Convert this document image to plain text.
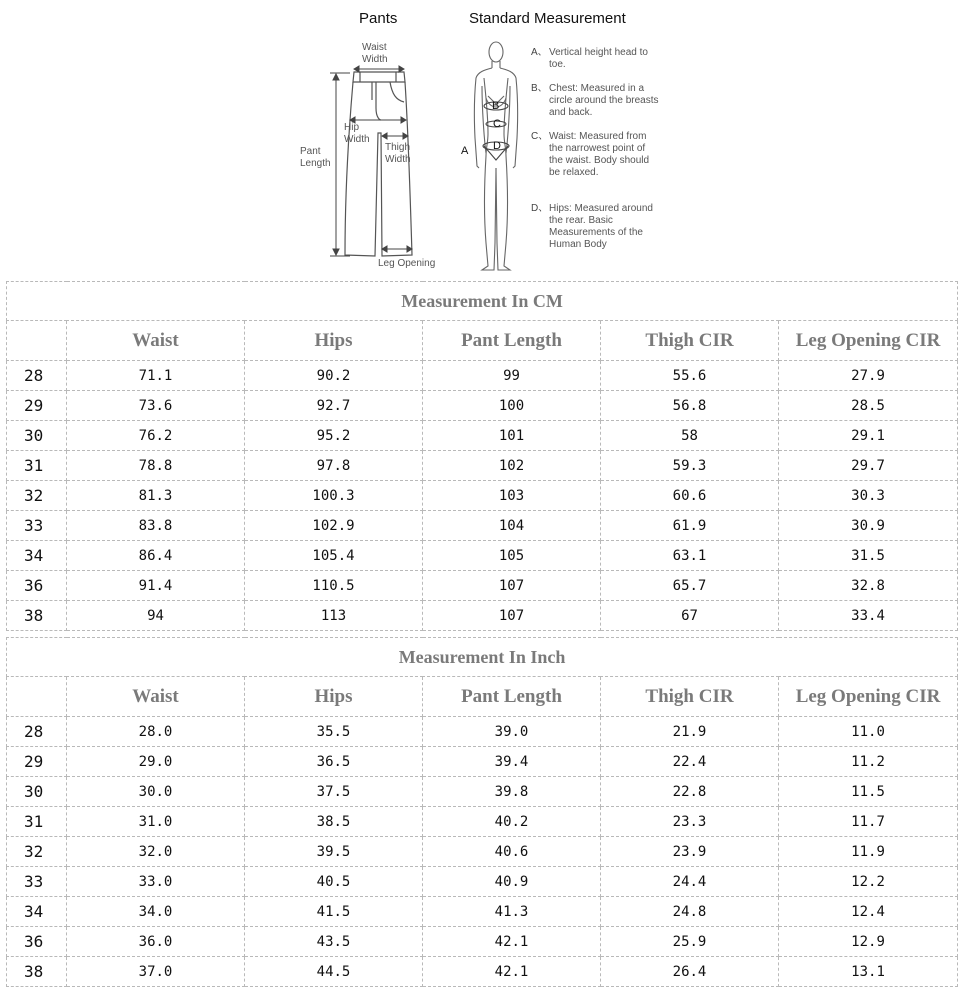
Pants	Standard Measurement
Waist
Width
Hip
Width
Thigh
Width
Pant
Length
Leg Opening
B
C
D
A
A、 Vertical height head to toe.
B、 Chest: Measured in a circle around the breasts and back.
C、 Waist: Measured from the narrowest point of the waist. Body should be relaxed.
D、 Hips: Measured around the rear. Basic Measurements of the Human Body
Measurement In CM					
	Waist	Hips	Pant Length	Thigh CIR	Leg Opening CIR
28	71.1	90.2	99	55.6	27.9
29	73.6	92.7	100	56.8	28.5
30	76.2	95.2	101	58	29.1
31	78.8	97.8	102	59.3	29.7
32	81.3	100.3	103	60.6	30.3
33	83.8	102.9	104	61.9	30.9
34	86.4	105.4	105	63.1	31.5
36	91.4	110.5	107	65.7	32.8
38	94	113	107	67	33.4
Measurement In Inch					
	Waist	Hips	Pant Length	Thigh CIR	Leg Opening CIR
28	28.0	35.5	39.0	21.9	11.0
29	29.0	36.5	39.4	22.4	11.2
30	30.0	37.5	39.8	22.8	11.5
31	31.0	38.5	40.2	23.3	11.7
32	32.0	39.5	40.6	23.9	11.9
33	33.0	40.5	40.9	24.4	12.2
34	34.0	41.5	41.3	24.8	12.4
36	36.0	43.5	42.1	25.9	12.9
38	37.0	44.5	42.1	26.4	13.1
